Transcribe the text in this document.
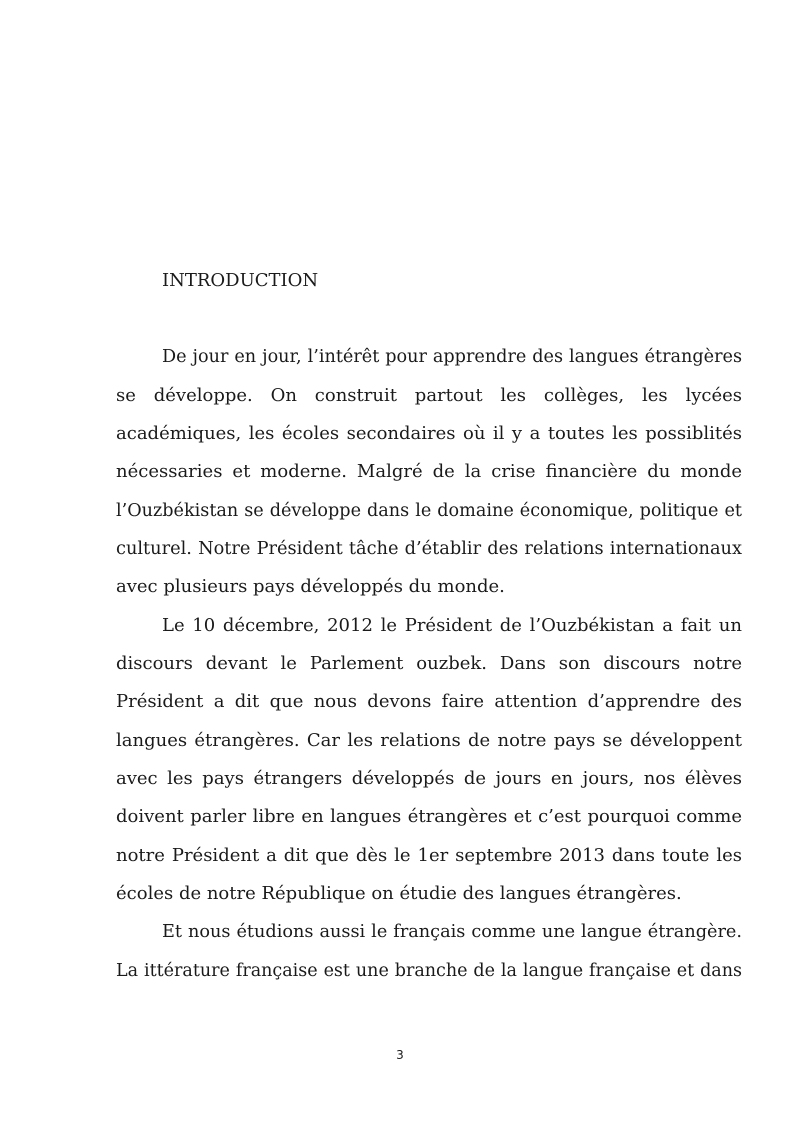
INTRODUCTION
De jour en jour, l’intérêt pour apprendre des langues étrangères
se développe. On construit partout les collèges, les lycées
académiques, les écoles secondaires où il y a toutes les possiblités
nécessaries et moderne. Malgré de la crise financière du monde
l’Ouzbékistan se développe dans le domaine économique, politique et
culturel. Notre Président tâche d’établir des relations internationaux
avec plusieurs pays développés du monde.
Le 10 décembre, 2012 le Président de l’Ouzbékistan a fait un
discours devant le Parlement ouzbek. Dans son discours notre
Président a dit que nous devons faire attention d’apprendre des
langues étrangères. Car les relations de notre pays se développent
avec les pays étrangers développés de jours en jours, nos élèves
doivent parler libre en langues étrangères et c’est pourquoi comme
notre Président a dit que dès le 1er septembre 2013 dans toute les
écoles de notre République on étudie des langues étrangères.
Et nous étudions aussi le français comme une langue étrangère.
La ittérature française est une branche de la langue française et dans
3
